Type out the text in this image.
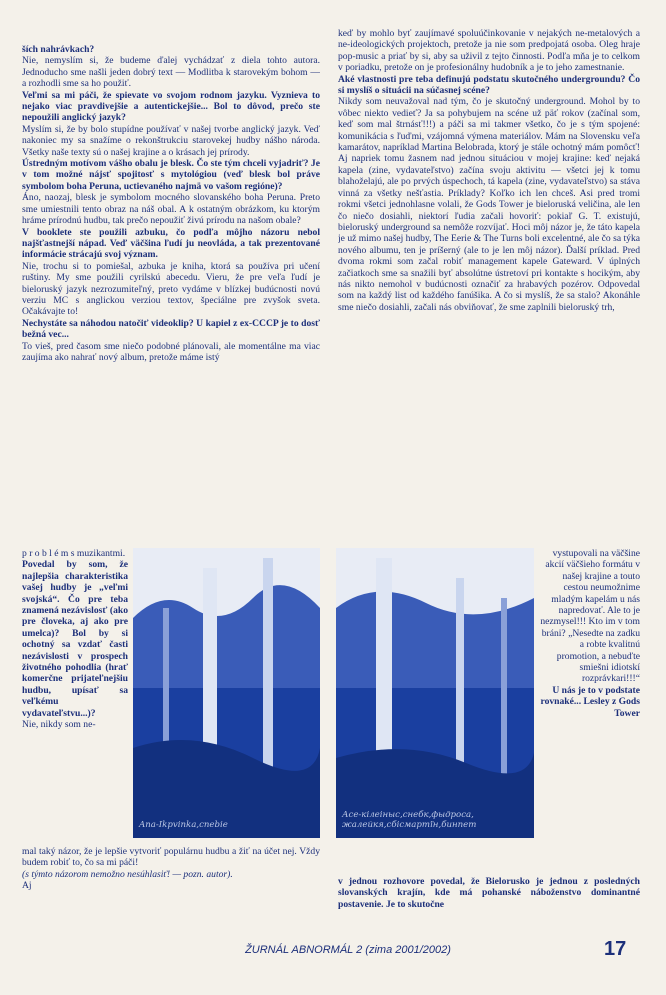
ších nahrávkach?

Nie, nemyslím si, že budeme ďalej vychádzať z diela tohto autora. Jednoducho sme našli jeden dobrý text — Modlitba k starovekým bohom — a rozhodli sme sa ho použiť.

Veľmi sa mi páči, že spievate vo svojom rodnom jazyku. Vyznieva to nejako viac pravdivejšie a autentickejšie... Bol to dôvod, prečo ste nepoužili anglický jazyk?

Myslím si, že by bolo stupídne používať v našej tvorbe anglický jazyk. Veď nakoniec my sa snažíme o rekonštrukciu starovekej hudby nášho národa. Všetky naše texty sú o našej krajine a o krásach jej prírody.

Ústredným motívom vášho obalu je blesk. Čo ste tým chceli vyjadriť? Je v tom možné nájsť spojitosť s mytológiou (veď blesk bol práve symbolom boha Peruna, uctievaného najmä vo vašom regióne)?

Áno, naozaj, blesk je symbolom mocného slovanského boha Peruna. Preto sme umiestnili tento obraz na náš obal. A k ostatným obrázkom, ku ktorým hráme prírodnú hudbu, tak prečo nepoužiť živú prírodu na našom obale?

V booklete ste použili azbuku, čo podľa môjho názoru nebol najšťastnejší nápad. Veď väčšina ľudí ju neovláda, a tak prezentované informácie strácajú svoj význam.

Nie, trochu si to pomiešal, azbuka je kniha, ktorá sa používa pri učení ruštiny. My sme použili cyrilskú abecedu. Vieru, že pre veľa ľudí je bieloruský jazyk nezrozumiteľný, preto vydáme v blízkej budúcnosti novú verziu MC s anglickou verziou textov, špeciálne pre zvyšok sveta. Očakávajte to!

Nechystáte sa náhodou natočiť videoklip? U kapiel z ex-CCCP je to dosť bežná vec...

To vieš, pred časom sme niečo podobné plánovali, ale momentálne ma viac zaujíma ako nahrať nový album, pretože máme istý

keď by mohlo byť zaujímavé spoluúčinkovanie v nejakých ne-metalových a ne-ideologických projektoch, pretože ja nie som predpojatá osoba. Oleg hraje pop-music a priať by si, aby sa uživil z tejto činnosti. Podľa mňa je to celkom v poriadku, pretože on je profesionálny hudobník a je to jeho zamestnanie.

Aké vlastnosti pre teba definujú podstatu skutočného undergroundu? Čo si myslíš o situácii na súčasnej scéne?

Nikdy som neuvažoval nad tým, čo je skutočný underground. Mohol by to vôbec niekto vedieť? Ja sa pohybujem na scéne už päť rokov (začínal som, keď som mal štrnásť!!!) a páči sa mi takmer všetko, čo je s tým spojené: komunikácia s ľuďmi, vzájomná výmena materiálov. Mám na Slovensku veľa kamarátov, napríklad Martina Belobrada, ktorý je stále ochotný mám pomôcť! Aj napriek tomu žasnem nad jednou situáciou v mojej krajine: keď nejaká kapela (zine, vydavateľstvo) začína svoju aktivitu — všetci jej k tomu blahoželajú, ale po prvých úspechoch, tá kapela (zine, vydavateľstvo) sa stáva vinná za všetky nešťastia. Príklady? Koľko ich len chceš. Asi pred tromi rokmi všetci jednohlasne volali, že Gods Tower je bieloruská veličina, ale len čo niečo dosiahli, niektorí ľudia začali hovoriť: pokiaľ G. T. existujú, bieloruský underground sa nemôže rozvíjať. Hoci môj názor je, že táto kapela je už mimo našej hudby, The Eerie & The Turns boli excelentné, ale čo sa týka nového albumu, ten je príšerný (ale to je len môj názor). Ďalší príklad. Pred dvoma rokmi som začal robiť management kapele Gateward. V úplných začiatkoch sme sa snažili byť absolútne ústretoví pri kontakte s hocikým, aby nás nikto nemohol v budúcnosti označiť za hrabavých pozérov. Odpovedal som na každý list od každého fanúšika. A čo si myslíš, že sa stalo? Akonáhle sme niečo dosiahli, začali nás obviňovať, že sme zaplnili bieloruský trh,

p r o b l é m s muzikantmi.

Povedal by som, že najlepšia charakteristika vašej hudby je „veľmi svojská“. Čo pre teba znamená nezávislosť (ako pre človeka, aj ako pre umelca)? Bol by si ochotný sa vzdať časti nezávislosti v prospech životného pohodlia (hrať komerčne prijateľnejšiu hudbu, upísať sa veľkému vydavateľstvu...)?

Nie, nikdy som ne-

Ana-Ikpvinka,cnebie
Асе-кілеіныс,снебк,фыдроса, жалейкя,сбісмартїн,бинпет

vystupovali na väčšine akcií väčšieho formátu v našej krajine a touto cestou neumožnime mladým kapelám u nás napredovať. Ale to je nezmysel!!! Kto im v tom bráni? „Nesedte na zadku a robte kvalitnú promotion, a nebuďte smiešni idiotskí rozprávkari!!!“

U nás je to v podstate rovnaké... Lesley z Gods Tower

mal taký názor, že je lepšie vytvoriť populárnu hudbu a žiť na účet nej. Vždy budem robiť to, čo sa mi páči!

(s týmto názorom nemožno nesúhlasiť! — pozn. autor).

Aj	v jednou rozhovore povedal, že Bielorusko je jednou z posledných slovanských krajín, kde má pohanské náboženstvo dominantné postavenie. Je to skutočne

ŽURNÁL ABNORMÁL 2 (zima 2001/2002)	17
